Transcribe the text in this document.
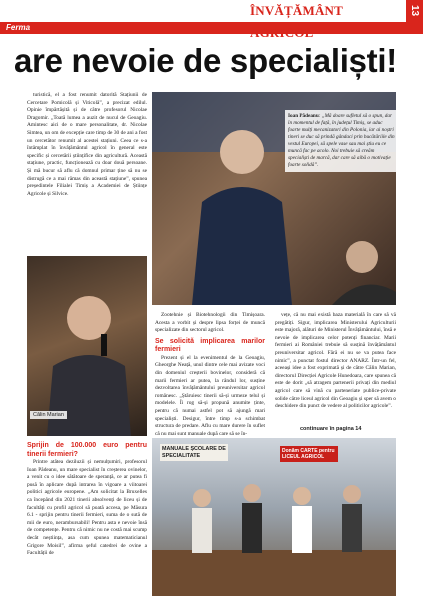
Ferma
ÎNVĂȚĂMÂNT AGRICOL
13
are nevoie de specialiști!

turistică, el a fost renumit datorită Stațiunii de Cercetare Pomicolă și Viticolă”, a precizat edilul. Opinie împărtășită și de către profesorul Nicolae Dragomir. „Toată lumea a auzit de nucul de Geoagiu. Amintesc aici de o mare personalitate, dr. Nicolae Simtea, un om de excepție care timp de 30 de ani a fost un cercetător renumit al acestei stațiuni. Ceea ce s-a întâmplat în învățământul agricol în general este specific și cercetării științifice din agricultură. Această stațiune, practic, funcționează cu doar două persoane. Și mă bucur să aflu că domnul primar ține să nu se distrugă ce a mai rămas din această stațiune”, spunea președintele Filialei Timiș a Academiei de Științe Agricole și Silvice.

Ioan Pădeanu: „Mă doare sufletul să o spun, dar în momentul de față, în județul Timiș, se aduc foarte mulți mecanizatori din Polonia, iar ai noștri tineri se duc să prindă gândaci prin bucătăriile din vestul Europei, să spele vase sau mai știu eu ce muncă fac pe acolo. Noi trebuie să creăm specialiști de marcă, dar care să aibă o motivație foarte solidă”.
Călin Marian
Sprijin de 100.000 euro pentru tinerii fermieri?

Printre atâtea deziluzii și nemulțumiri, profesorul Ioan Pădeanu, un mare specialist în creșterea ovinelor, a venit cu o idee sătătoare de speranță, ce ar putea fi pusă în aplicare după intrarea în vigoare a viitoarei politici agricole europene. „Am solicitat la Bruxelles ca începând din 2021 tinerii absolvenți de liceu și de facultăți cu profil agricol să poată accesa, pe Măsura 6.1 - sprijin pentru tinerii fermieri, suma de o sută de mii de euro, nerambursabili! Pentru asta e nevoie însă de competențe. Pentru că nimic nu ne costă mai scump decât neștiința, asa cum spunea matematicianul Grigore Moisil”, afirma șeful catedrei de ovine a Facultății de

Zootehnie și Biotehnologii din Timișoara. Acesta a vorbit și despre lipsa forței de muncă specializate din sectorul agricol.

Se solicită implicarea marilor fermieri

Prezent și el la evenimentul de la Geoagiu, Gheorghe Neață, unul dintre cele mai avizate voci din domeniul creșterii bovinelor, consideră că marii fermieri ar putea, la rândul lor, susține dezvoltarea învățământului preuniversitar agricol românesc. „Ștăruiesc tinerii să-și urmeze telul și modelele. Îi rog să-și propună anumite ținte, pentru că numai astfel pot să ajungă mari specialiști. Desigur, între timp s-a schimbat structura de predare. Aflu cu mare durere în suflet că nu mai sunt manuale după care să se în-

vețe, că nu mai există baza materială în care să vă pregătiți. Sigur, implicarea Ministerului Agriculturii este majoră, alături de Ministerul Învățământului, însă e nevoie de implicarea celor potenți financiar. Marii fermieri ai României trebuie să susțină învățământul preuniversitar agricol. Fără ei nu se va putea face nimic”, a punctat fostul director ANARZ. Într-un fel, aceeași idee a fost exprimată și de către Călin Marian, directorul Direcției Agricole Hunedoara, care spunea că este de dorit „să atragem partenerii privați din mediul agricol care să vină cu parteneriate publice-private solide către liceul agricol din Geoagiu și sper să avem o deschidere din punct de vedere al politicilor agricole”.

continuare în pagina 14
MANUALE ȘCOLARE DE SPECIALITATE
Donăm CARTE pentru LICEUL AGRICOL
